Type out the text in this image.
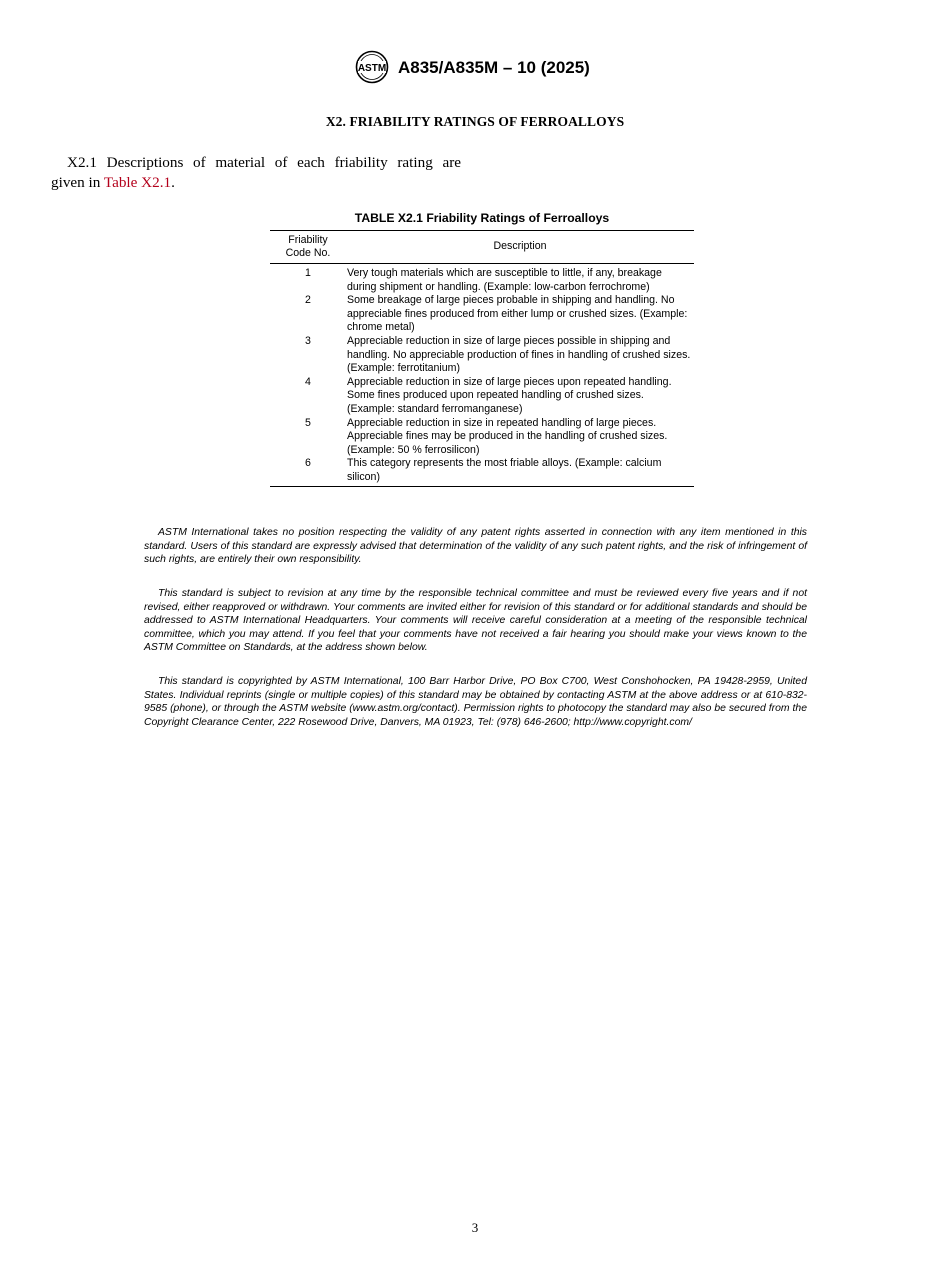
ASTM A835/A835M – 10 (2025)
X2. FRIABILITY RATINGS OF FERROALLOYS
X2.1 Descriptions of material of each friability rating are
given in Table X2.1.
TABLE X2.1 Friability Ratings of Ferroalloys
Friability
Code No.	Description
1	Very tough materials which are susceptible to little, if any, breakage during shipment or handling. (Example: low-carbon ferrochrome)
2	Some breakage of large pieces probable in shipping and handling. No appreciable fines produced from either lump or crushed sizes. (Example: chrome metal)
3	Appreciable reduction in size of large pieces possible in shipping and handling. No appreciable production of fines in handling of crushed sizes. (Example: ferrotitanium)
4	Appreciable reduction in size of large pieces upon repeated handling. Some fines produced upon repeated handling of crushed sizes. (Example: standard ferromanganese)
5	Appreciable reduction in size in repeated handling of large pieces. Appreciable fines may be produced in the handling of crushed sizes. (Example: 50 % ferrosilicon)
6	This category represents the most friable alloys. (Example: calcium silicon)
ASTM International takes no position respecting the validity of any patent rights asserted in connection with any item mentioned in this standard. Users of this standard are expressly advised that determination of the validity of any such patent rights, and the risk of infringement of such rights, are entirely their own responsibility.
This standard is subject to revision at any time by the responsible technical committee and must be reviewed every five years and if not revised, either reapproved or withdrawn. Your comments are invited either for revision of this standard or for additional standards and should be addressed to ASTM International Headquarters. Your comments will receive careful consideration at a meeting of the responsible technical committee, which you may attend. If you feel that your comments have not received a fair hearing you should make your views known to the ASTM Committee on Standards, at the address shown below.
This standard is copyrighted by ASTM International, 100 Barr Harbor Drive, PO Box C700, West Conshohocken, PA 19428-2959, United States. Individual reprints (single or multiple copies) of this standard may be obtained by contacting ASTM at the above address or at 610-832-9585 (phone), or through the ASTM website (www.astm.org/contact). Permission rights to photocopy the standard may also be secured from the Copyright Clearance Center, 222 Rosewood Drive, Danvers, MA 01923, Tel: (978) 646-2600; http://www.copyright.com/
3
